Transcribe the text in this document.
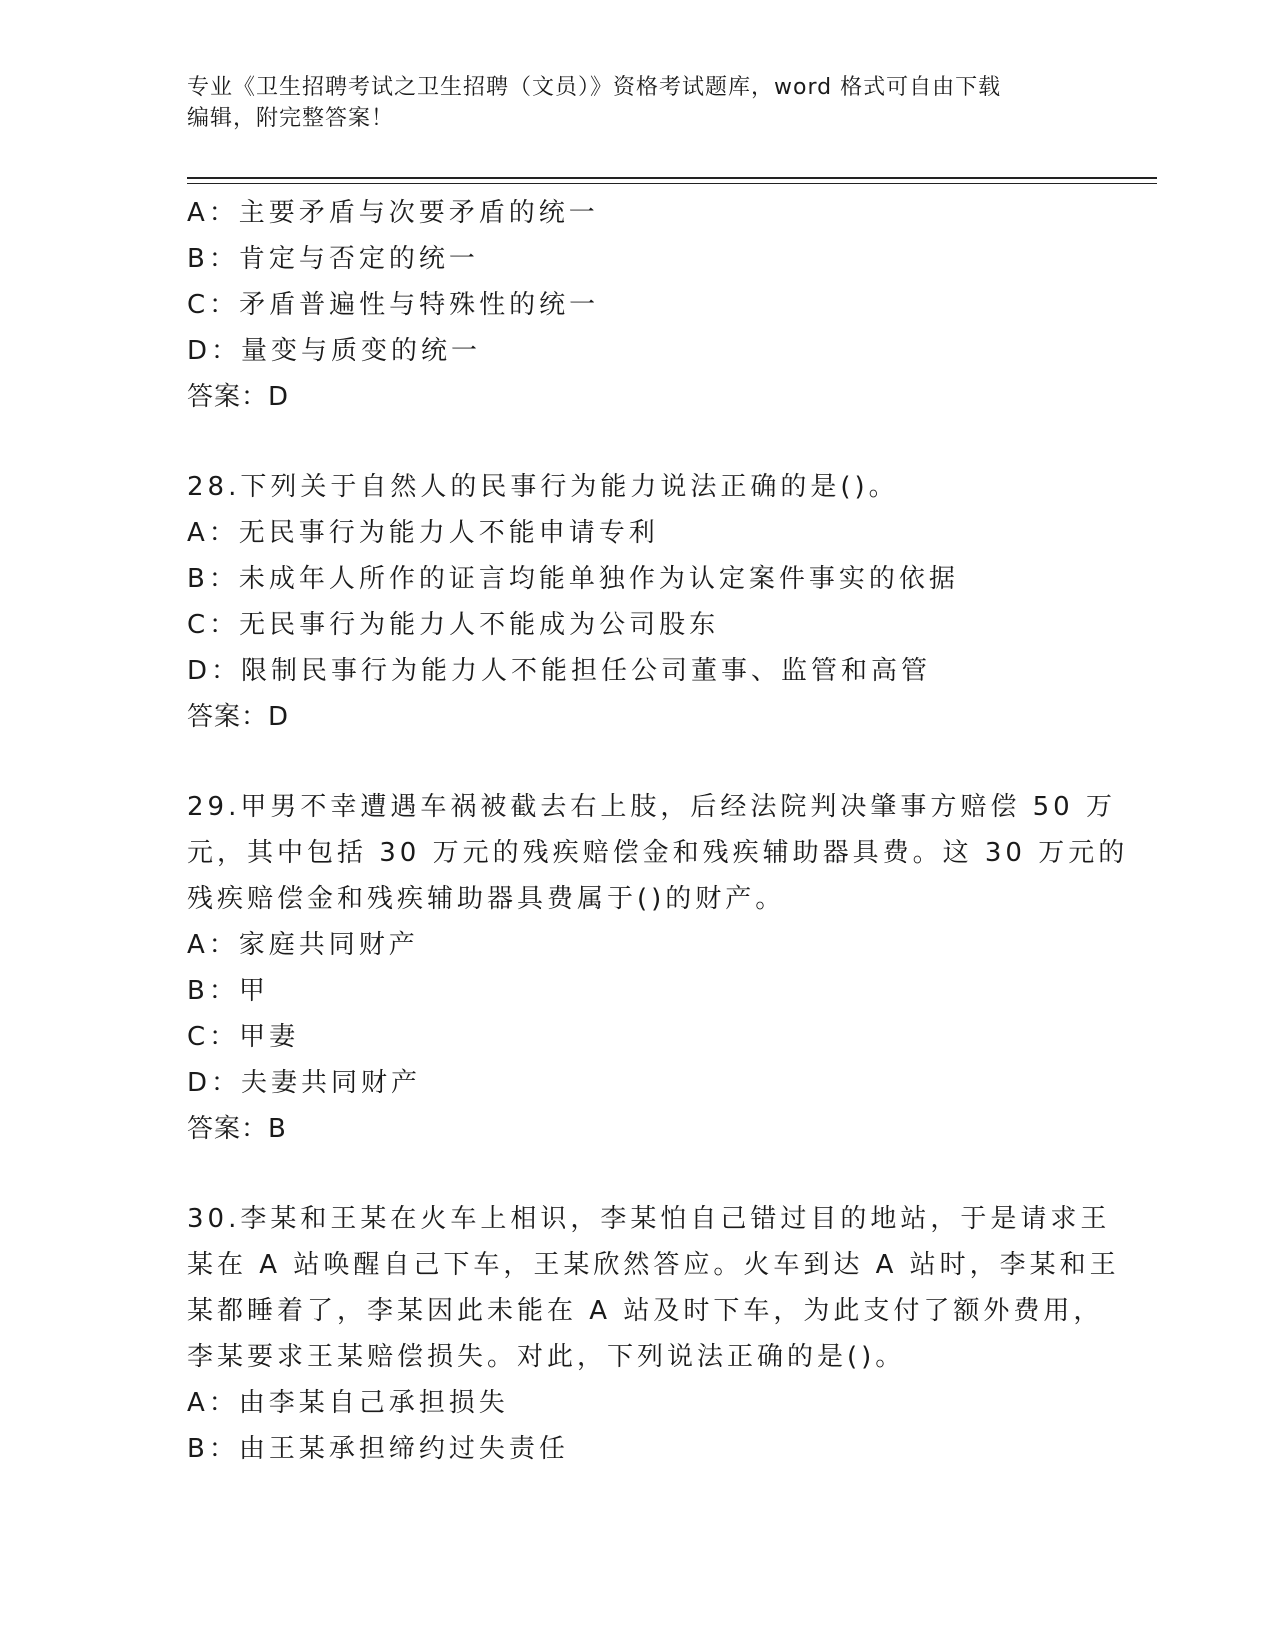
专业《卫生招聘考试之卫生招聘（文员）》资格考试题库，word 格式可自由下载
编辑，附完整答案！
A：主要矛盾与次要矛盾的统一
B：肯定与否定的统一
C：矛盾普遍性与特殊性的统一
D：量变与质变的统一
答案：D
28.下列关于自然人的民事行为能力说法正确的是()。
A：无民事行为能力人不能申请专利
B：未成年人所作的证言均能单独作为认定案件事实的依据
C：无民事行为能力人不能成为公司股东
D：限制民事行为能力人不能担任公司董事、监管和高管
答案：D
29.甲男不幸遭遇车祸被截去右上肢，后经法院判决肇事方赔偿 50 万
元，其中包括 30 万元的残疾赔偿金和残疾辅助器具费。这 30 万元的
残疾赔偿金和残疾辅助器具费属于()的财产。
A：家庭共同财产
B：甲
C：甲妻
D：夫妻共同财产
答案：B
30.李某和王某在火车上相识，李某怕自己错过目的地站，于是请求王
某在 A 站唤醒自己下车，王某欣然答应。火车到达 A 站时，李某和王
某都睡着了，李某因此未能在 A 站及时下车，为此支付了额外费用，
李某要求王某赔偿损失。对此，下列说法正确的是()。
A：由李某自己承担损失
B：由王某承担缔约过失责任
